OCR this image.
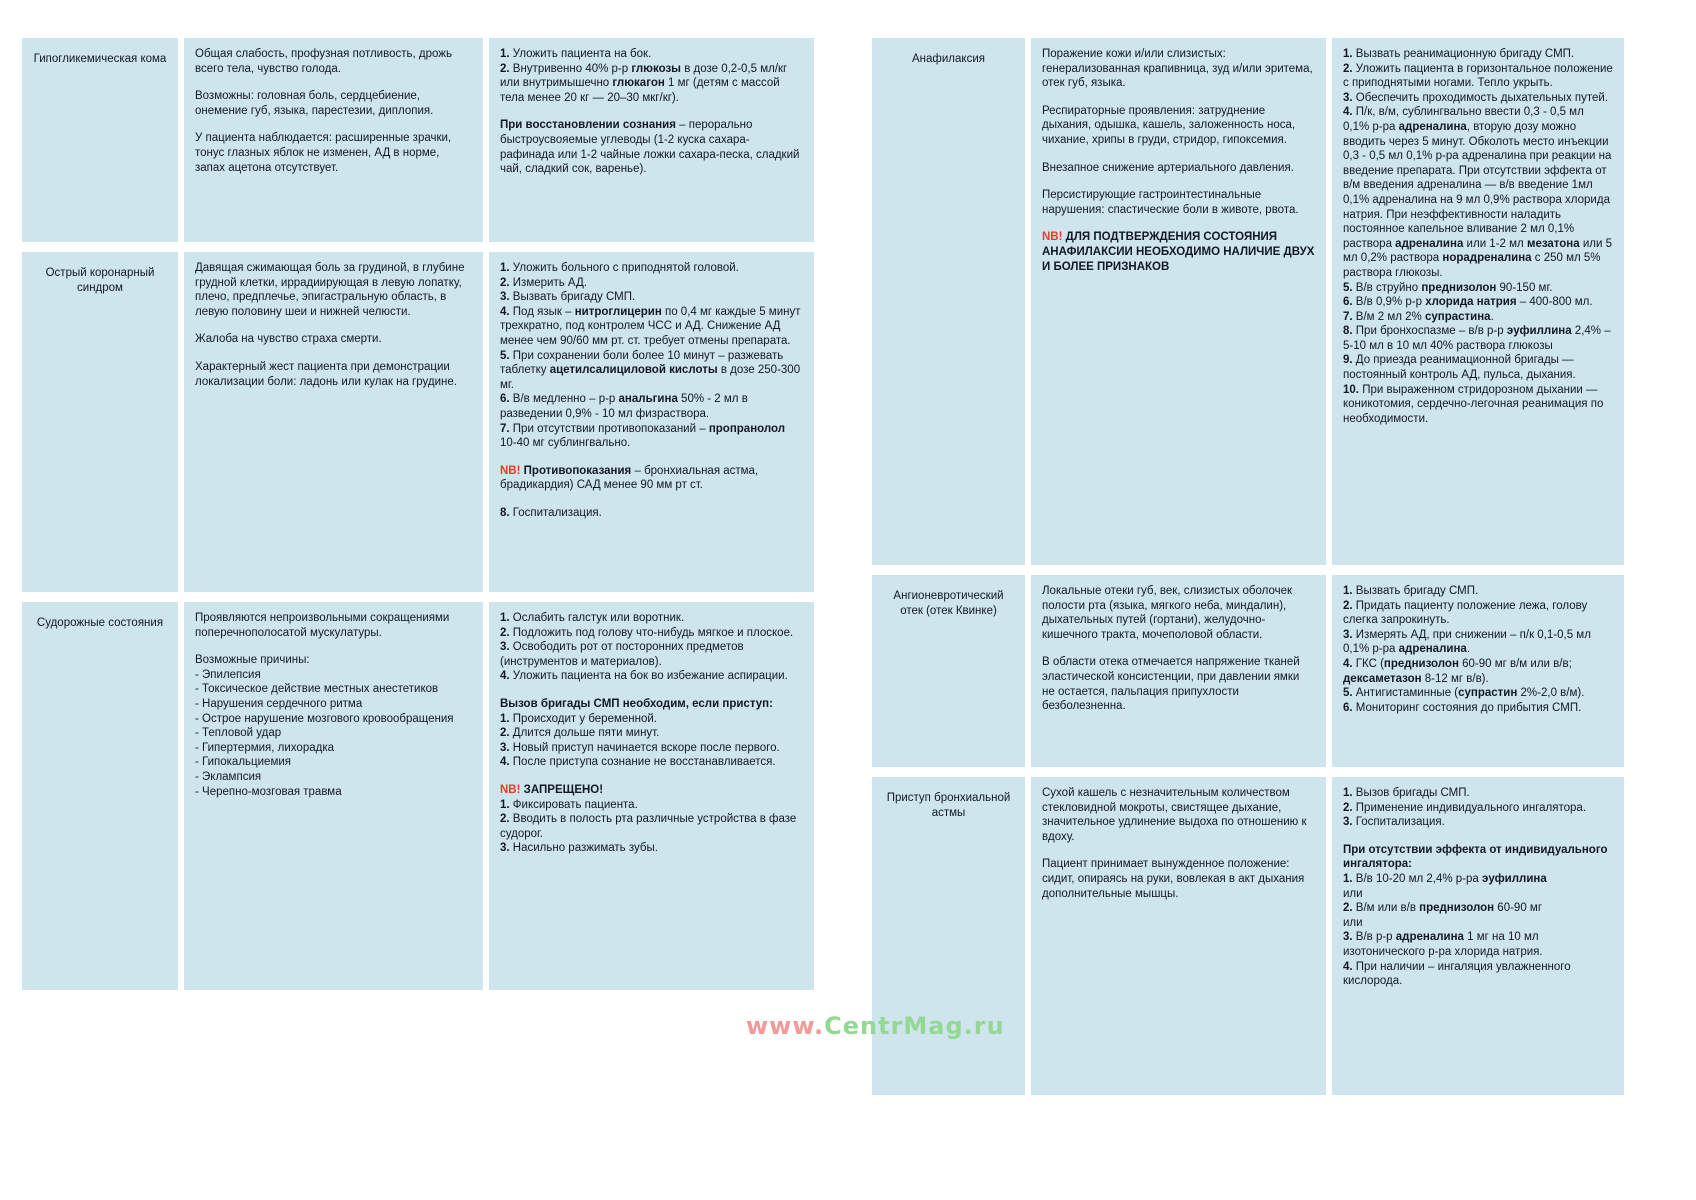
Гипогликемическая кома Общая слабость, профузная потливость, дрожь всего тела, чувство голода.
Возможны: головная боль, сердцебиение, онемение губ, языка, парестезии, диплопия.
У пациента наблюдается: расширенные зрачки, тонус глазных яблок не изменен, АД в норме, запах ацетона отсутствует.
1. Уложить пациента на бок.
2. Внутривенно 40% р-р глюкозы в дозе 0,2-0,5 мл/кг или внутримышечно глюкагон 1 мг (детям с массой тела менее 20 кг — 20–30 мкг/кг).
При восстановлении сознания – перорально быстроусвояемые углеводы (1-2 куска сахара-рафинада или 1-2 чайные ложки сахара-песка, сладкий чай, сладкий сок, варенье).
Острый коронарный синдром
Давящая сжимающая боль за грудиной, в глубине грудной клетки, иррадиирующая в левую лопатку, плечо, предплечье, эпигастральную область, в левую половину шеи и нижней челюсти.
Жалоба на чувство страха смерти.
Характерный жест пациента при демонстрации локализации боли: ладонь или кулак на грудине.
1. Уложить больного с приподнятой головой.
2. Измерить АД.
3. Вызвать бригаду СМП.
4. Под язык – нитроглицерин по 0,4 мг каждые 5 минут трехкратно, под контролем ЧСС и АД. Снижение АД менее чем 90/60 мм рт. ст. требует отмены препарата.
5. При сохранении боли более 10 минут – разжевать таблетку ацетилсалициловой кислоты в дозе 250-300 мг.
6. В/в медленно – р-р анальгина 50% - 2 мл в разведении 0,9% - 10 мл физраствора.
7. При отсутствии противопоказаний – пропранолол 10-40 мг сублингвально.
NB! Противопоказания – бронхиальная астма, брадикардия) САД менее 90 мм рт ст.
8. Госпитализация.
Судорожные состояния	Проявляются непроизвольными сокращениями поперечнополосатой мускулатуры.
Возможные причины:
- Эпилепсия
- Токсическое действие местных анестетиков
- Нарушения сердечного ритма
- Острое нарушение мозгового кровообращения
- Тепловой удар
- Гипертермия, лихорадка
- Гипокальциемия
- Эклампсия
- Черепно-мозговая травма
1. Ослабить галстук или воротник.
2. Подложить под голову что-нибудь мягкое и плоское.
3. Освободить рот от посторонних предметов (инструментов и материалов).
4. Уложить пациента на бок во избежание аспирации.
Вызов бригады СМП необходим, если приступ:
1. Происходит у беременной.
2. Длится дольше пяти минут.
3. Новый приступ начинается вскоре после первого.
4. После приступа сознание не восстанавливается.
NB! ЗАПРЕЩЕНО!
1. Фиксировать пациента.
2. Вводить в полость рта различные устройства в фазе судорог.
3. Насильно разжимать зубы.
Анафилаксия	Поражение кожи и/или слизистых: генерализованная крапивница, зуд и/или эритема, отек губ, языка.
Респираторные проявления: затруднение дыхания, одышка, кашель, заложенность носа, чихание, хрипы в груди, стридор, гипоксемия.
Внезапное снижение артериального давления.
Персистирующие гастроинтестинальные нарушения: спастические боли в животе, рвота.
NB! ДЛЯ ПОДТВЕРЖДЕНИЯ СОСТОЯНИЯ АНАФИЛАКСИИ НЕОБХОДИМО НАЛИЧИЕ ДВУХ И БОЛЕЕ ПРИЗНАКОВ
1. Вызвать реанимационную бригаду СМП.
2. Уложить пациента в горизонтальное положение с приподнятыми ногами. Тепло укрыть.
3. Обеспечить проходимость дыхательных путей.
4. П/к, в/м, сублингвально ввести 0,3 - 0,5 мл 0,1% р-ра адреналина, вторую дозу можно вводить через 5 минут. Обколоть место инъекции 0,3 - 0,5 мл 0,1% р-ра адреналина при реакции на введение препарата. При отсутствии эффекта от в/м введения адреналина — в/в введение 1мл 0,1% адреналина на 9 мл 0,9% раствора хлорида натрия. При неэффективности наладить постоянное капельное вливание 2 мл 0,1% раствора адреналина или 1-2 мл мезатона или 5 мл 0,2% раствора норадреналина с 250 мл 5% раствора глюкозы.
5. В/в струйно преднизолон 90-150 мг.
6. В/в 0,9% р-р хлорида натрия – 400-800 мл.
7. В/м 2 мл 2% супрастина.
8. При бронхоспазме – в/в р-р эуфиллина 2,4% – 5-10 мл в 10 мл 40% раствора глюкозы
9. До приезда реанимационной бригады — постоянный контроль АД, пульса, дыхания.
10. При выраженном стридорозном дыхании — коникотомия, сердечно-легочная реанимация по необходимости.
Ангионевротический отек (отек Квинке)
Локальные отеки губ, век, слизистых оболочек полости рта (языка, мягкого неба, миндалин), дыхательных путей (гортани), желудочно-кишечного тракта, мочеполовой области.
В области отека отмечается напряжение тканей эластической консистенции, при давлении ямки не остается, пальпация припухлости безболезненна.
1. Вызвать бригаду СМП.
2. Придать пациенту положение лежа, голову слегка запрокинуть.
3. Измерять АД, при снижении – п/к 0,1-0,5 мл 0,1% р-ра адреналина.
4. ГКС (преднизолон 60-90 мг в/м или в/в; дексаметазон 8-12 мг в/в).
5. Антигистаминные (супрастин 2%-2,0 в/м).
6. Мониторинг состояния до прибытия СМП.
Приступ бронхиальной астмы
Сухой кашель с незначительным количеством стекловидной мокроты, свистящее дыхание, значительное удлинение выдоха по отношению к вдоху.
Пациент принимает вынужденное положение: сидит, опираясь на руки, вовлекая в акт дыхания дополнительные мышцы.
1. Вызов бригады СМП.
2. Применение индивидуального ингалятора.
3. Госпитализация.
При отсутствии эффекта от индивидуального ингалятора:
1. В/в 10-20 мл 2,4% р-ра эуфиллина
или
2. В/м или в/в преднизолон 60-90 мг
или
3. В/в р-р адреналина 1 мг на 10 мл изотонического р-ра хлорида натрия.
4. При наличии – ингаляция увлажненного кислорода.
www.CentrMag.ru
